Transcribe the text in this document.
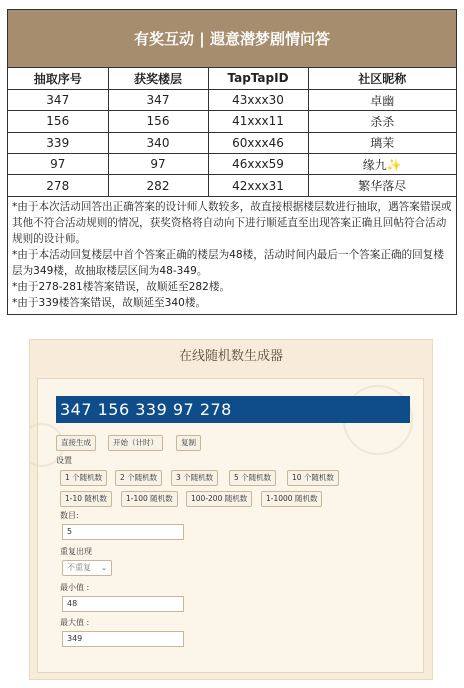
有奖互动 | 遐意潜梦剧情问答
抽取序号	获奖楼层	TapTapID	社区昵称
347	347	43xxx30	卓幽
156	156	41xxx11	杀杀
339	340	60xxx46	璃茉
97	97	46xxx59	缘九✨
278	282	42xxx31	繁华落尽

*由于本次活动回答出正确答案的设计师人数较多，故直接根据楼层数进行抽取，遇答案错误或其他不符合活动规则的情况，获奖资格将自动向下进行顺延直至出现答案正确且回帖符合活动规则的设计师。

*由于本活动回复楼层中首个答案正确的楼层为48楼，活动时间内最后一个答案正确的回复楼层为349楼，故抽取楼层区间为48-349。

*由于278-281楼答案错误，故顺延至282楼。

*由于339楼答案错误，故顺延至340楼。

在线随机数生成器
347 156 339 97 278
直接生成	开始（计时）	复制
设置
1 个随机数	2 个随机数	3 个随机数	5 个随机数	10 个随机数
1-10 随机数	1-100 随机数	100-200 随机数	1-1000 随机数
数目:
5
重复出现
不重复 ⌄
最小值 :
48
最大值 :
349
